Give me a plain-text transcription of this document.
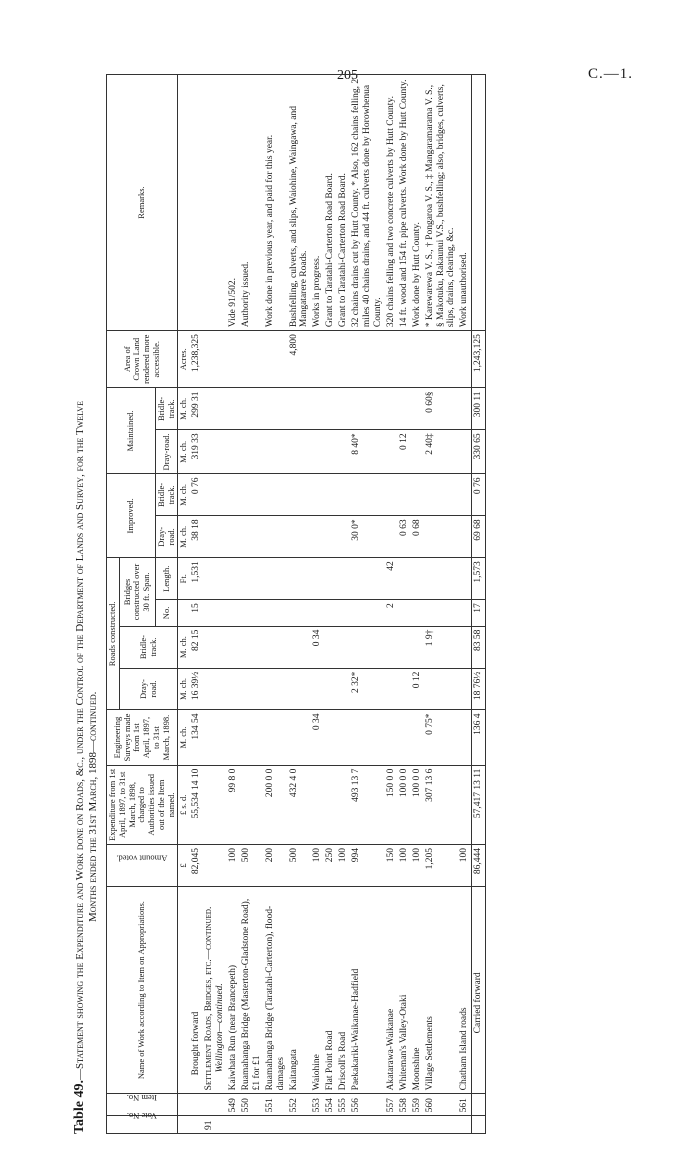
205	C.—1.
Table 49.—Statement showing the Expenditure and Work done on Roads, &c., under the Control of the Department of Lands and Survey, for the Twelve Months ended the 31st March, 1898—continued.
Vote No.	Item No.	Name of Work according to Item on Appropriations.	Amount voted.	Expenditure from 1st April, 1897, to 31st March, 1898, charged to Authorities issued out of the Item named.	Engineering Surveys made from 1st April, 1897, to 31st March, 1898.	Roads constructed.				Improved.		Maintained.		Area of Crown Land rendered more accessible.	Remarks.
						Dray-road.	Bridle-track.	Bridges constructed over 30 ft. Span.							
								No.	Length.	Dray-road.	Bridle-track.	Dray-road.	Bridle-track.		
			£	£ s. d.	M. ch.	M. ch.	M. ch.		Ft.	M. ch.	M. ch.	M. ch.	M. ch.	Acres.	
		Brought forward	82,045	55,534 14 10	134 54	16 39½	82 15	15	1,531	38 18	0 76	319 33	299 31	1,238,325	
91		Settlement Roads, Bridges, etc.—continued.
Wellington—continued.													
	549	Kaiwhata Run (near Brancepeth)	100	99 8 0											Vide 91/502.
	550	Ruamahanga Bridge (Masterton-Gladstone Road), £1 for £1	500												Authority issued.
	551	Ruamahanga Bridge (Taratahi-Carterton), flood-damages	200	200 0 0											Work done in previous year, and paid for this year.
	552	Kaitangata	500	432 4 0										4,800	Bushfelling, culverts, and slips, Waiohine, Waingawa, and Mangatarere Roads.
	553	Waiohine	100		0 34		0 34								Works in progress.
	554	Flat Point Road	250												Grant to Taratahi-Carterton Road Board.
	555	Driscoll's Road	100												Grant to Taratahi-Carterton Road Board.
	556	Paekakariki-Waikanae-Hadfield	994	493 13 7		2 32*				30 0*		8 40*			32 chains drains cut by Hutt County. * Also, 162 chains felling, 2 miles 40 chains drains, and 44 ft. culverts done by Horowhenua County.
	557	Akatarawa-Waikanae	150	150 0 0				2	42						320 chains felling and two concrete culverts by Hutt County.
	558	Whiteman's Valley-Otaki	100	100 0 0						0 63		0 12			14 ft. wood and 154 ft. pipe culverts. Work done by Hutt County.
	559	Moonshine	100	100 0 0		0 12				0 68					Work done by Hutt County.
	560	Village Settlements	1,205	307 13 6	0 75*		1 9†					2 40‡	0 60§		* Karewarewa V. S., † Pongaroa V. S., ‡ Mangaramarama V. S., § Makotuku, Rakaunui V.S., bushfelling; also, bridges, culverts, slips, drains, clearing, &c.
	561	Chatham Island roads	100												Work unauthorised.
		Carried forward	86,444	57,417 13 11	136 4	18 76½	83 58	17	1,573	69 68	0 76	330 65	300 11	1,243,125	
